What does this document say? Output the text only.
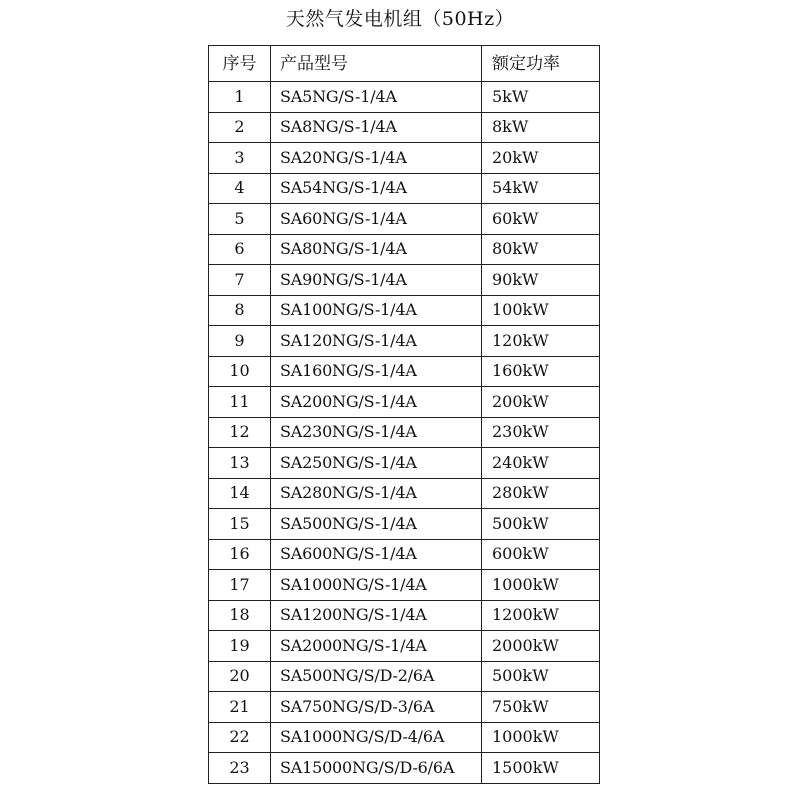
天然气发电机组（50Hz）
序号	产品型号	额定功率
1	SA5NG/S-1/4A	5kW
2	SA8NG/S-1/4A	8kW
3	SA20NG/S-1/4A	20kW
4	SA54NG/S-1/4A	54kW
5	SA60NG/S-1/4A	60kW
6	SA80NG/S-1/4A	80kW
7	SA90NG/S-1/4A	90kW
8	SA100NG/S-1/4A	100kW
9	SA120NG/S-1/4A	120kW
10	SA160NG/S-1/4A	160kW
11	SA200NG/S-1/4A	200kW
12	SA230NG/S-1/4A	230kW
13	SA250NG/S-1/4A	240kW
14	SA280NG/S-1/4A	280kW
15	SA500NG/S-1/4A	500kW
16	SA600NG/S-1/4A	600kW
17	SA1000NG/S-1/4A	1000kW
18	SA1200NG/S-1/4A	1200kW
19	SA2000NG/S-1/4A	2000kW
20	SA500NG/S/D-2/6A	500kW
21	SA750NG/S/D-3/6A	750kW
22	SA1000NG/S/D-4/6A	1000kW
23	SA15000NG/S/D-6/6A	1500kW
